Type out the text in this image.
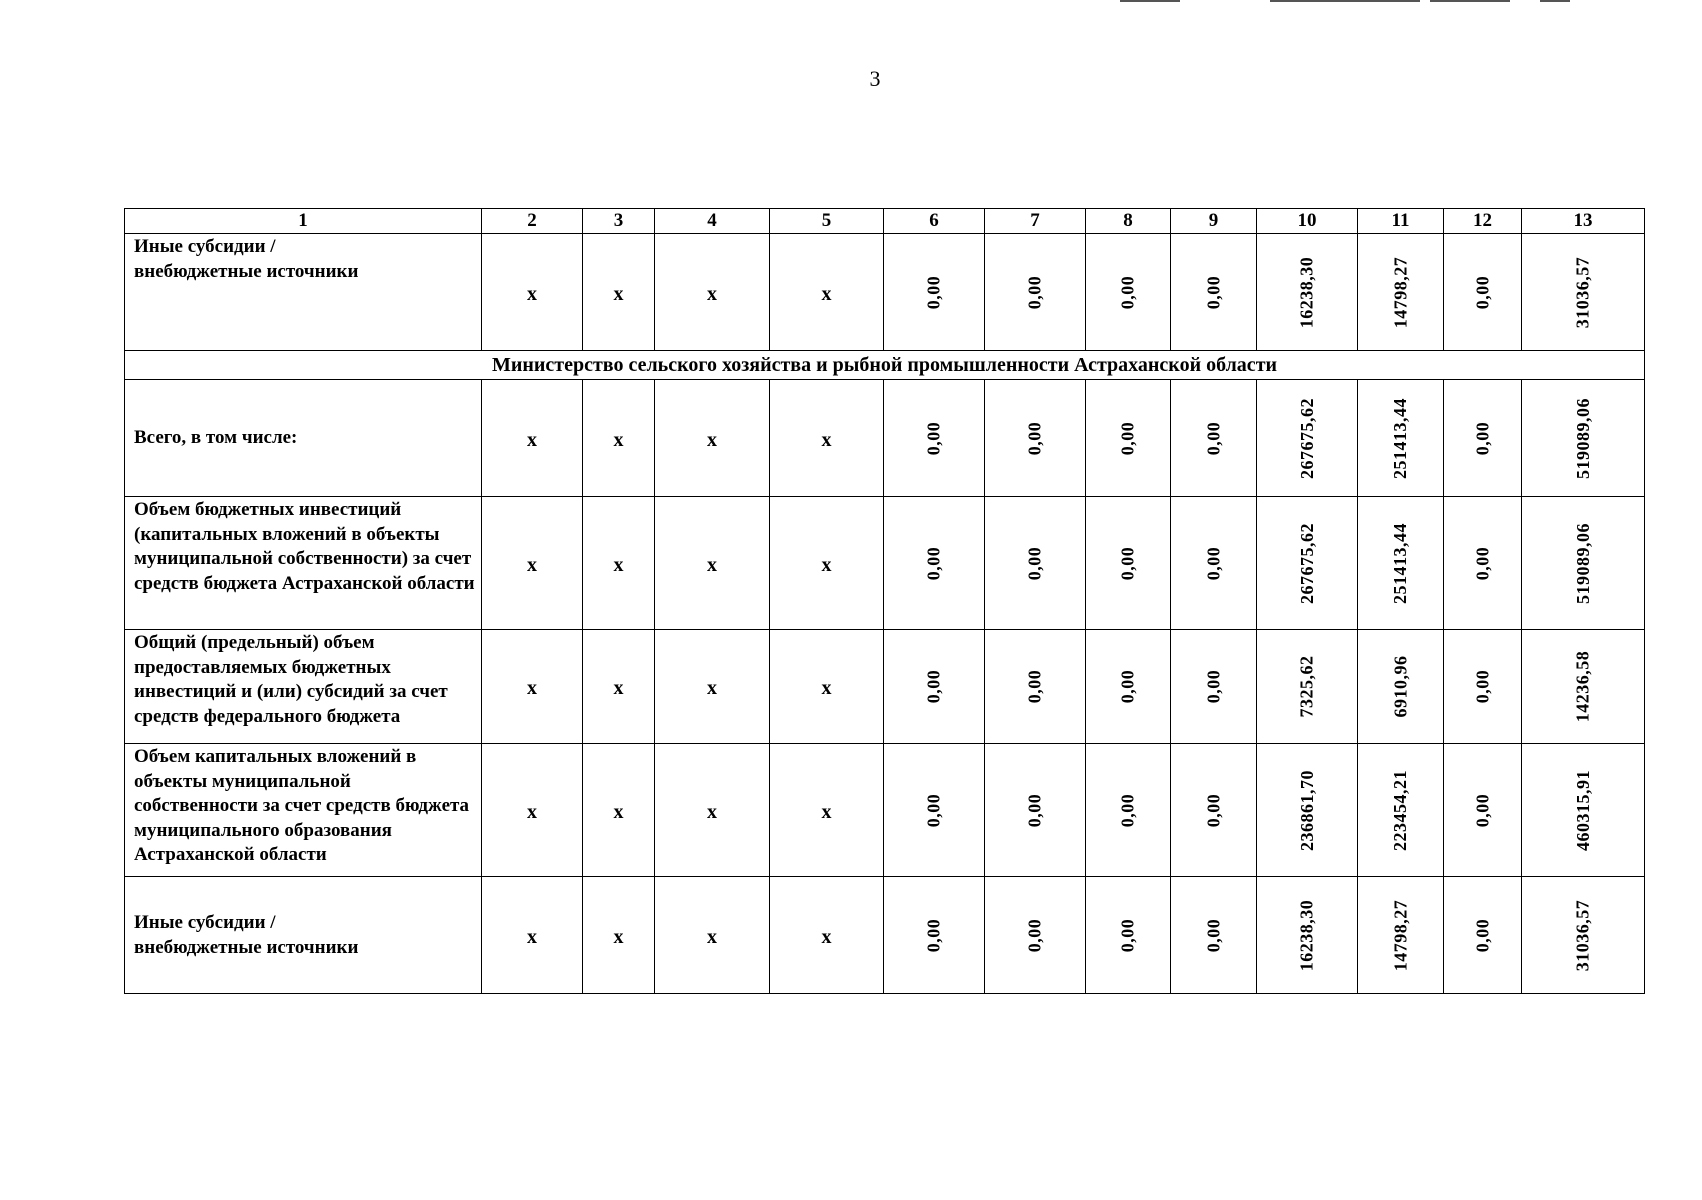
3
1	2	3	4	5	6	7	8	9	10	11	12	13
Иные субсидии /
внебюджетные источники	x	x	x	x	0,00	0,00	0,00	0,00	16238,30	14798,27	0,00	31036,57

Министерство сельского хозяйства и рыбной промышленности Астраханской области												
Всего, в том числе:	x	x	x	x	0,00	0,00	0,00	0,00	267675,62	251413,44	0,00	519089,06

Объем бюджетных инвестиций (капитальных вложений в объекты муниципальной собственности) за счет средств бюджета Астраханской области	x	x	x	x	0,00	0,00	0,00	0,00	267675,62	251413,44	0,00	519089,06

Общий (предельный) объем предоставляемых бюджетных инвестиций и (или) субсидий за счет средств федерального бюджета	x	x	x	x	0,00	0,00	0,00	0,00	7325,62	6910,96	0,00	14236,58

Объем капитальных вложений в объекты муниципальной собственности за счет средств бюджета муниципального образования Астраханской области	x	x	x	x	0,00	0,00	0,00	0,00	236861,70	223454,21	0,00	460315,91

Иные субсидии /
внебюджетные источники	x	x	x	x	0,00	0,00	0,00	0,00	16238,30	14798,27	0,00	31036,57
